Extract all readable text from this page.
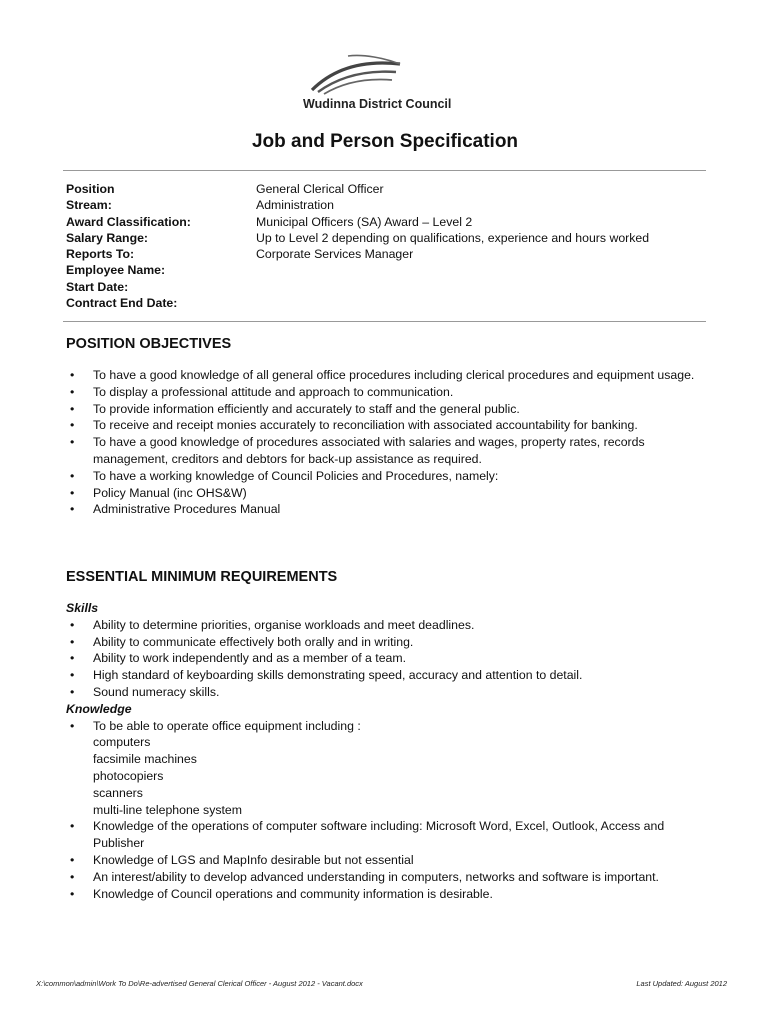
Wudinna District Council
Job and Person Specification
Position	General Clerical Officer
Stream:	Administration
Award Classification:	Municipal Officers (SA) Award – Level 2
Salary Range:	Up to Level 2 depending on qualifications, experience and hours worked
Reports To:	Corporate Services Manager
Employee Name:
Start Date:
Contract End Date:
POSITION OBJECTIVES
• To have a good knowledge of all general office procedures including clerical procedures and equipment usage.
• To display a professional attitude and approach to communication.
• To provide information efficiently and accurately to staff and the general public.
• To receive and receipt monies accurately to reconciliation with associated accountability for banking.
• To have a good knowledge of procedures associated with salaries and wages, property rates, records management, creditors and debtors for back-up assistance as required.
• To have a working knowledge of Council Policies and Procedures, namely:
• Policy Manual (inc OHS&W)
• Administrative Procedures Manual
ESSENTIAL MINIMUM REQUIREMENTS
Skills
• Ability to determine priorities, organise workloads and meet deadlines.
• Ability to communicate effectively both orally and in writing.
• Ability to work independently and as a member of a team.
• High standard of keyboarding skills demonstrating speed, accuracy and attention to detail.
• Sound numeracy skills.
Knowledge
• To be able to operate office equipment including :
computers
facsimile machines
photocopiers
scanners
multi-line telephone system
• Knowledge of the operations of computer software including: Microsoft Word, Excel, Outlook, Access and Publisher
• Knowledge of LGS and MapInfo desirable but not essential
• An interest/ability to develop advanced understanding in computers, networks and software is important.
• Knowledge of Council operations and community information is desirable.
X:\common\admin\Work To Do\Re-advertised General Clerical Officer - August 2012 - Vacant.docx	Last Updated: August 2012
